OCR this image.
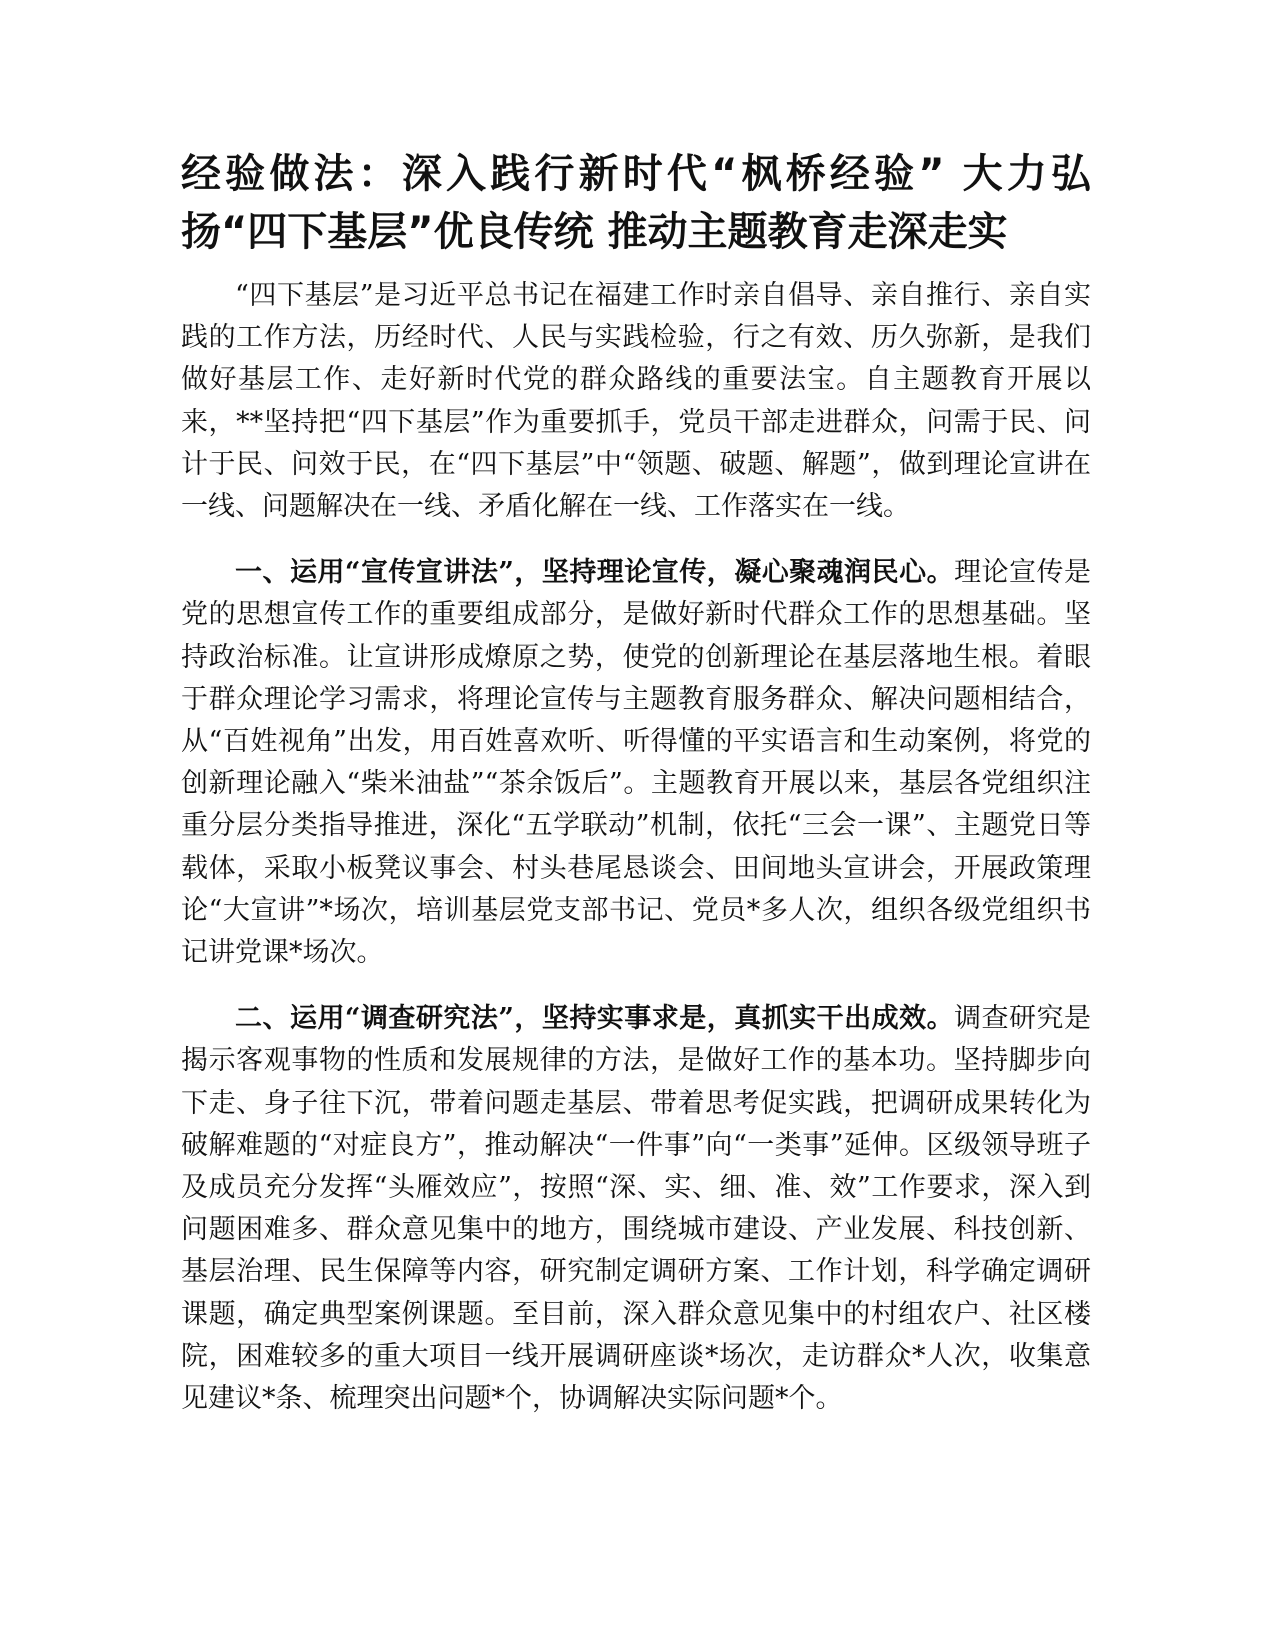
经验做法：深入践行新时代“枫桥经验” 大力弘扬“四下基层”优良传统 推动主题教育走深走实

“四下基层”是习近平总书记在福建工作时亲自倡导、亲自推行、亲自实践的工作方法，历经时代、人民与实践检验，行之有效、历久弥新，是我们做好基层工作、走好新时代党的群众路线的重要法宝。自主题教育开展以来，**坚持把“四下基层”作为重要抓手，党员干部走进群众，问需于民、问计于民、问效于民，在“四下基层”中“领题、破题、解题”，做到理论宣讲在一线、问题解决在一线、矛盾化解在一线、工作落实在一线。

一、运用“宣传宣讲法”，坚持理论宣传，凝心聚魂润民心。理论宣传是党的思想宣传工作的重要组成部分，是做好新时代群众工作的思想基础。坚持政治标准。让宣讲形成燎原之势，使党的创新理论在基层落地生根。着眼于群众理论学习需求，将理论宣传与主题教育服务群众、解决问题相结合，从“百姓视角”出发，用百姓喜欢听、听得懂的平实语言和生动案例，将党的创新理论融入“柴米油盐”“茶余饭后”。主题教育开展以来，基层各党组织注重分层分类指导推进，深化“五学联动”机制，依托“三会一课”、主题党日等载体，采取小板凳议事会、村头巷尾恳谈会、田间地头宣讲会，开展政策理论“大宣讲”*场次，培训基层党支部书记、党员*多人次，组织各级党组织书记讲党课*场次。

二、运用“调查研究法”，坚持实事求是，真抓实干出成效。调查研究是揭示客观事物的性质和发展规律的方法，是做好工作的基本功。坚持脚步向下走、身子往下沉，带着问题走基层、带着思考促实践，把调研成果转化为破解难题的“对症良方”，推动解决“一件事”向“一类事”延伸。区级领导班子及成员充分发挥“头雁效应”，按照“深、实、细、准、效”工作要求，深入到问题困难多、群众意见集中的地方，围绕城市建设、产业发展、科技创新、基层治理、民生保障等内容，研究制定调研方案、工作计划，科学确定调研课题，确定典型案例课题。至目前，深入群众意见集中的村组农户、社区楼院，困难较多的重大项目一线开展调研座谈*场次，走访群众*人次，收集意见建议*条、梳理突出问题*个，协调解决实际问题*个。
